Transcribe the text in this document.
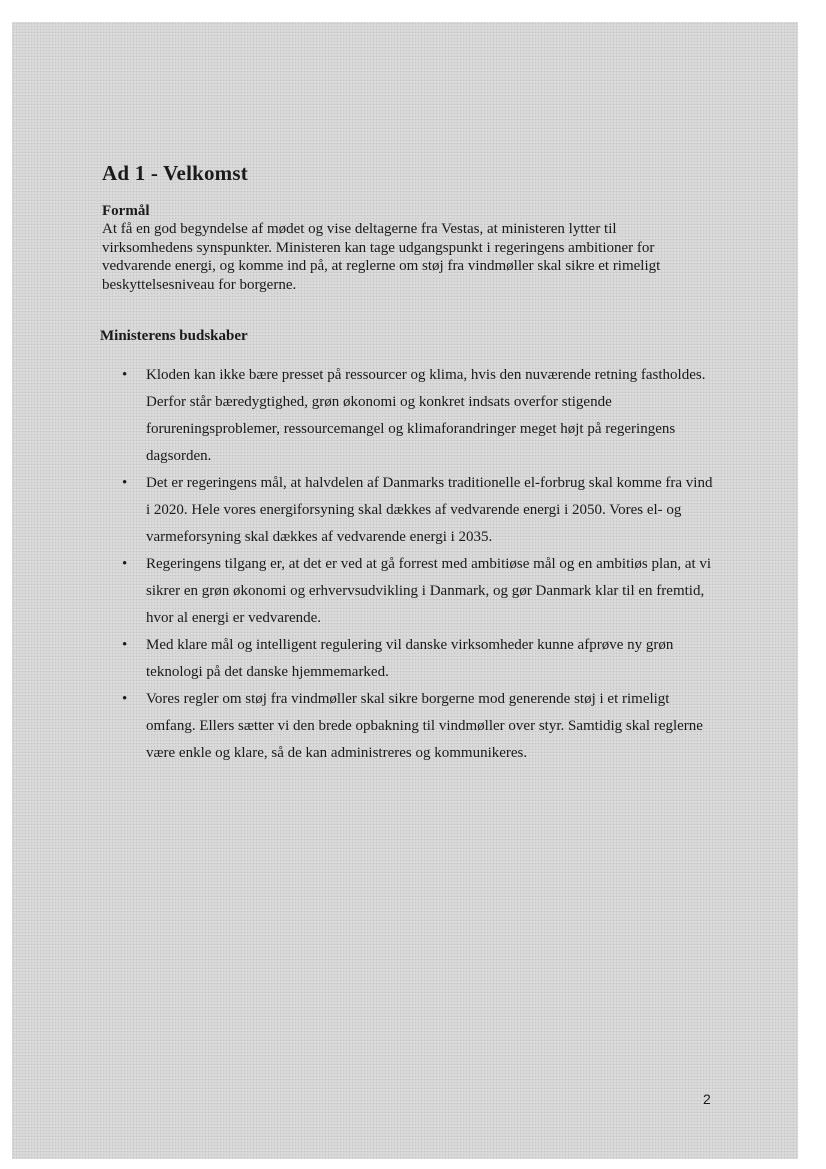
Ad 1 - Velkomst
Formål

At få en god begyndelse af mødet og vise deltagerne fra Vestas, at ministeren lytter til virksomhedens synspunkter. Ministeren kan tage udgangspunkt i regeringens ambitioner for vedvarende energi, og komme ind på, at reglerne om støj fra vindmøller skal sikre et rimeligt beskyttelsesniveau for borgerne.

Ministerens budskaber
• Kloden kan ikke bære presset på ressourcer og klima, hvis den nuværende retning fastholdes. Derfor står bæredygtighed, grøn økonomi og konkret indsats overfor stigende forureningsproblemer, ressourcemangel og klimaforandringer meget højt på regeringens dagsorden.
• Det er regeringens mål, at halvdelen af Danmarks traditionelle el-forbrug skal komme fra vind i 2020. Hele vores energiforsyning skal dækkes af vedvarende energi i 2050. Vores el- og varmeforsyning skal dækkes af vedvarende energi i 2035.
• Regeringens tilgang er, at det er ved at gå forrest med ambitiøse mål og en ambitiøs plan, at vi sikrer en grøn økonomi og erhvervsudvikling i Danmark, og gør Danmark klar til en fremtid, hvor al energi er vedvarende.
• Med klare mål og intelligent regulering vil danske virksomheder kunne afprøve ny grøn teknologi på det danske hjemmemarked.
• Vores regler om støj fra vindmøller skal sikre borgerne mod generende støj i et rimeligt omfang. Ellers sætter vi den brede opbakning til vindmøller over styr. Samtidig skal reglerne være enkle og klare, så de kan administreres og kommunikeres.
2
